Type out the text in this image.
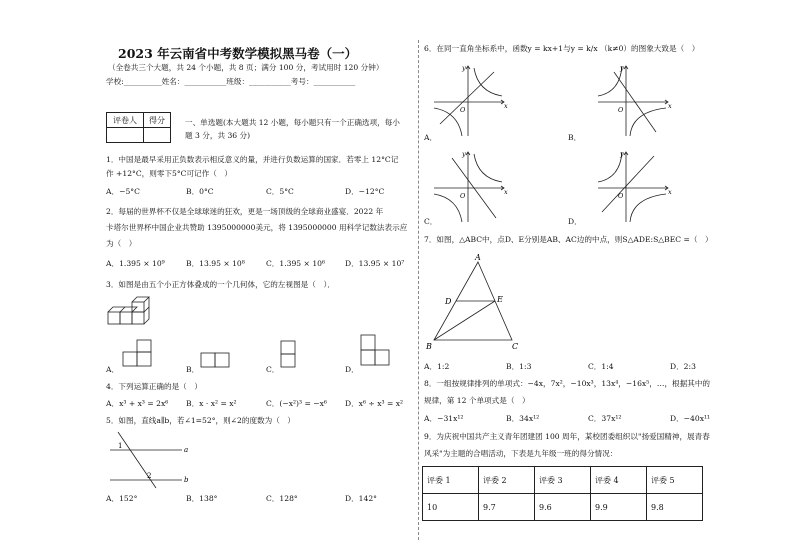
2023 年云南省中考数学模拟黑马卷（一）
（全卷共三个大题，共 24 个小题，共 8 页；满分 100 分，考试用时 120 分钟）
学校:__________姓名：___________班级：___________考号：___________
评卷人	得分
		一、单选题(本大题共 12 小题，每小题只有一个正确选项，每小
题 3 分，共 36 分)
1．中国是最早采用正负数表示相反意义的量，并进行负数运算的国家．若零上 12°C记
作 +12°C，则零下5°C可记作（　）
A．−5°C	B．0°C	C．5°C	D．−12°C
2．每届的世界杯不仅是全球球迷的狂欢，更是一场顶级的全球商业盛宴．2022 年
卡塔尔世界杯中国企业共赞助 1395000000美元，将 1395000000 用科学记数法表示应
为（　）
A．1.395 × 10⁹	B．13.95 × 10⁸	C．1.395 × 10⁶	D．13.95 × 10⁷
3．如图是由五个小正方体叠成的一个几何体，它的左视图是（　）．
A．	B．	C．	D．
4．下列运算正确的是（　）
A．x³ + x³ = 2x⁶ B．x · x² = x²	C．(−x²)³ = −x⁶ D．x⁶ ÷ x³ = x²
5．如图，直线a∥b，若∠1=52°，则∠2的度数为（　）
1
2
a
b
A．152°	B．138°	C．128°	D．142°
6．在同一直角坐标系中，函数y = kx+1与y = k/x （k≠0）的图象大致是（　）
x
y
O
A．
x
y
O
B．
x
y
O
C．
x
y
O
D．
7．如图，△ABC中，点D、E分别是AB、AC边的中点，则S△ADE:S△BEC =（　）
A
B	C
D	E
A．1:2	B．1:3	C．1:4	D．2:3
8．一组按规律排列的单项式：−4x，7x²，−10x³，13x⁴，−16x⁵，…，根据其中的
规律，第 12 个单项式是（　）
A．−31x¹²	B．34x¹²	C．37x¹²	D．−40x¹¹
9．为庆祝中国共产主义青年团建团 100 周年，某校团委组织以"扬爱国精神，展青春
风采"为主题的合唱活动，下表是九年级一班的得分情况：
评委 1	评委 2	评委 3	评委 4	评委 5
10	9.7	9.6	9.9	9.8
